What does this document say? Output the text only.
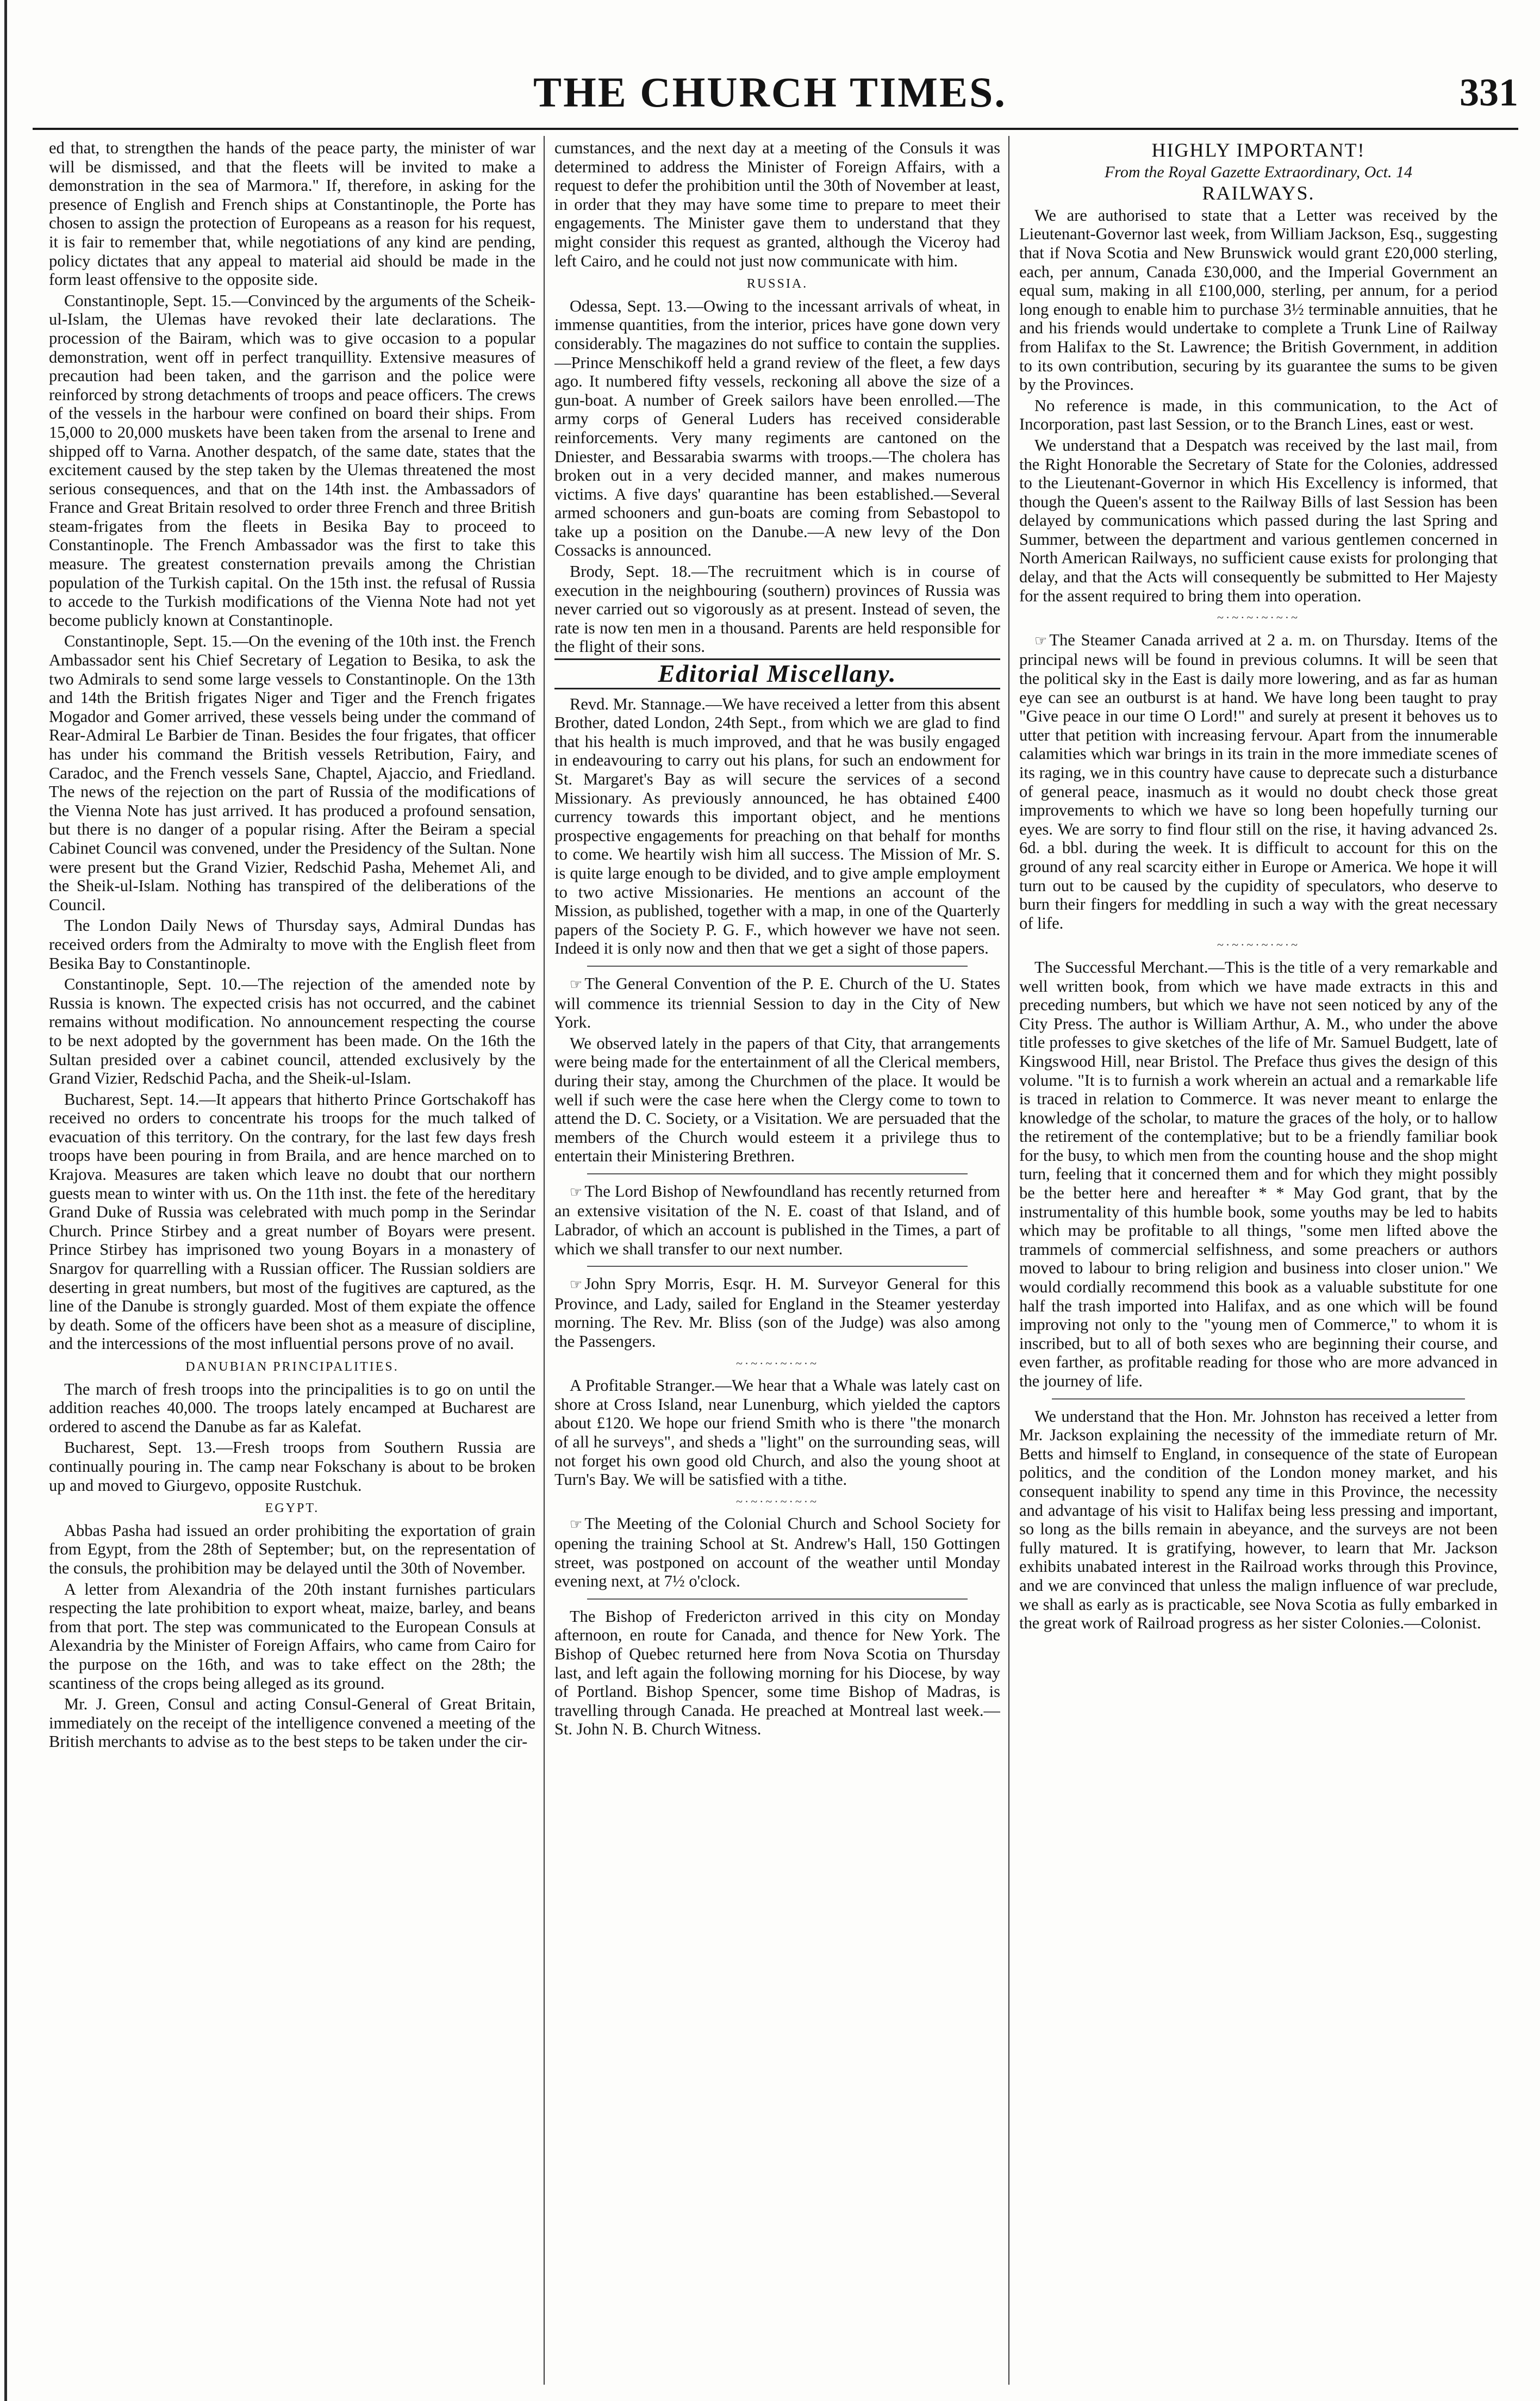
THE CHURCH TIMES.	331

ed that, to strengthen the hands of the peace party, the minister of war will be dismissed, and that the fleets will be invited to make a demonstration in the sea of Marmora." If, therefore, in asking for the presence of English and French ships at Constantinople, the Porte has chosen to assign the protection of Europeans as a reason for his request, it is fair to remember that, while negotiations of any kind are pending, policy dictates that any appeal to material aid should be made in the form least offensive to the opposite side.

Constantinople, Sept. 15.—Convinced by the arguments of the Scheik-ul-Islam, the Ulemas have revoked their late declarations. The procession of the Bairam, which was to give occasion to a popular demonstration, went off in perfect tranquillity. Extensive measures of precaution had been taken, and the garrison and the police were reinforced by strong detachments of troops and peace officers. The crews of the vessels in the harbour were confined on board their ships. From 15,000 to 20,000 muskets have been taken from the arsenal to Irene and shipped off to Varna. Another despatch, of the same date, states that the excitement caused by the step taken by the Ulemas threatened the most serious consequences, and that on the 14th inst. the Ambassadors of France and Great Britain resolved to order three French and three British steam-frigates from the fleets in Besika Bay to proceed to Constantinople. The French Ambassador was the first to take this measure. The greatest consternation prevails among the Christian population of the Turkish capital. On the 15th inst. the refusal of Russia to accede to the Turkish modifications of the Vienna Note had not yet become publicly known at Constantinople.

Constantinople, Sept. 15.—On the evening of the 10th inst. the French Ambassador sent his Chief Secretary of Legation to Besika, to ask the two Admirals to send some large vessels to Constantinople. On the 13th and 14th the British frigates Niger and Tiger and the French frigates Mogador and Gomer arrived, these vessels being under the command of Rear-Admiral Le Barbier de Tinan. Besides the four frigates, that officer has under his command the British vessels Retribution, Fairy, and Caradoc, and the French vessels Sane, Chaptel, Ajaccio, and Friedland. The news of the rejection on the part of Russia of the modifications of the Vienna Note has just arrived. It has produced a profound sensation, but there is no danger of a popular rising. After the Beiram a special Cabinet Council was convened, under the Presidency of the Sultan. None were present but the Grand Vizier, Redschid Pasha, Mehemet Ali, and the Sheik-ul-Islam. Nothing has transpired of the deliberations of the Council.

The London Daily News of Thursday says, Admiral Dundas has received orders from the Admiralty to move with the English fleet from Besika Bay to Constantinople.

Constantinople, Sept. 10.—The rejection of the amended note by Russia is known. The expected crisis has not occurred, and the cabinet remains without modification. No announcement respecting the course to be next adopted by the government has been made. On the 16th the Sultan presided over a cabinet council, attended exclusively by the Grand Vizier, Redschid Pacha, and the Sheik-ul-Islam.

Bucharest, Sept. 14.—It appears that hitherto Prince Gortschakoff has received no orders to concentrate his troops for the much talked of evacuation of this territory. On the contrary, for the last few days fresh troops have been pouring in from Braila, and are hence marched on to Krajova. Measures are taken which leave no doubt that our northern guests mean to winter with us. On the 11th inst. the fete of the hereditary Grand Duke of Russia was celebrated with much pomp in the Serindar Church. Prince Stirbey and a great number of Boyars were present. Prince Stirbey has imprisoned two young Boyars in a monastery of Snargov for quarrelling with a Russian officer. The Russian soldiers are deserting in great numbers, but most of the fugitives are captured, as the line of the Danube is strongly guarded. Most of them expiate the offence by death. Some of the officers have been shot as a measure of discipline, and the intercessions of the most influential persons prove of no avail.

DANUBIAN PRINCIPALITIES.

The march of fresh troops into the principalities is to go on until the addition reaches 40,000. The troops lately encamped at Bucharest are ordered to ascend the Danube as far as Kalefat.

Bucharest, Sept. 13.—Fresh troops from Southern Russia are continually pouring in. The camp near Fokschany is about to be broken up and moved to Giurgevo, opposite Rustchuk.

EGYPT.

Abbas Pasha had issued an order prohibiting the exportation of grain from Egypt, from the 28th of September; but, on the representation of the consuls, the prohibition may be delayed until the 30th of November.

A letter from Alexandria of the 20th instant furnishes particulars respecting the late prohibition to export wheat, maize, barley, and beans from that port. The step was communicated to the European Consuls at Alexandria by the Minister of Foreign Affairs, who came from Cairo for the purpose on the 16th, and was to take effect on the 28th; the scantiness of the crops being alleged as its ground.

Mr. J. Green, Consul and acting Consul-General of Great Britain, immediately on the receipt of the intelligence convened a meeting of the British merchants to advise as to the best steps to be taken under the cir-

cumstances, and the next day at a meeting of the Consuls it was determined to address the Minister of Foreign Affairs, with a request to defer the prohibition until the 30th of November at least, in order that they may have some time to prepare to meet their engagements. The Minister gave them to understand that they might consider this request as granted, although the Viceroy had left Cairo, and he could not just now communicate with him.

RUSSIA.

Odessa, Sept. 13.—Owing to the incessant arrivals of wheat, in immense quantities, from the interior, prices have gone down very considerably. The magazines do not suffice to contain the supplies.—Prince Menschikoff held a grand review of the fleet, a few days ago. It numbered fifty vessels, reckoning all above the size of a gun-boat. A number of Greek sailors have been enrolled.—The army corps of General Luders has received considerable reinforcements. Very many regiments are cantoned on the Dniester, and Bessarabia swarms with troops.—The cholera has broken out in a very decided manner, and makes numerous victims. A five days' quarantine has been established.—Several armed schooners and gun-boats are coming from Sebastopol to take up a position on the Danube.—A new levy of the Don Cossacks is announced.

Brody, Sept. 18.—The recruitment which is in course of execution in the neighbouring (southern) provinces of Russia was never carried out so vigorously as at present. Instead of seven, the rate is now ten men in a thousand. Parents are held responsible for the flight of their sons.

Editorial Miscellany.

Revd. Mr. Stannage.—We have received a letter from this absent Brother, dated London, 24th Sept., from which we are glad to find that his health is much improved, and that he was busily engaged in endeavouring to carry out his plans, for such an endowment for St. Margaret's Bay as will secure the services of a second Missionary. As previously announced, he has obtained £400 currency towards this important object, and he mentions prospective engagements for preaching on that behalf for months to come. We heartily wish him all success. The Mission of Mr. S. is quite large enough to be divided, and to give ample employment to two active Missionaries. He mentions an account of the Mission, as published, together with a map, in one of the Quarterly papers of the Society P. G. F., which however we have not seen. Indeed it is only now and then that we get a sight of those papers.

☞ The General Convention of the P. E. Church of the U. States will commence its triennial Session to day in the City of New York.

We observed lately in the papers of that City, that arrangements were being made for the entertainment of all the Clerical members, during their stay, among the Churchmen of the place. It would be well if such were the case here when the Clergy come to town to attend the D. C. Society, or a Visitation. We are persuaded that the members of the Church would esteem it a privilege thus to entertain their Ministering Brethren.

☞ The Lord Bishop of Newfoundland has recently returned from an extensive visitation of the N. E. coast of that Island, and of Labrador, of which an account is published in the Times, a part of which we shall transfer to our next number.

☞ John Spry Morris, Esqr. H. M. Surveyor General for this Province, and Lady, sailed for England in the Steamer yesterday morning. The Rev. Mr. Bliss (son of the Judge) was also among the Passengers.

~·~·~·~·~·~

A Profitable Stranger.—We hear that a Whale was lately cast on shore at Cross Island, near Lunenburg, which yielded the captors about £120. We hope our friend Smith who is there "the monarch of all he surveys", and sheds a "light" on the surrounding seas, will not forget his own good old Church, and also the young shoot at Turn's Bay. We will be satisfied with a tithe.

~·~·~·~·~·~

☞ The Meeting of the Colonial Church and School Society for opening the training School at St. Andrew's Hall, 150 Gottingen street, was postponed on account of the weather until Monday evening next, at 7½ o'clock.

The Bishop of Fredericton arrived in this city on Monday afternoon, en route for Canada, and thence for New York. The Bishop of Quebec returned here from Nova Scotia on Thursday last, and left again the following morning for his Diocese, by way of Portland. Bishop Spencer, some time Bishop of Madras, is travelling through Canada. He preached at Montreal last week.—St. John N. B. Church Witness.

HIGHLY IMPORTANT!
From the Royal Gazette Extraordinary, Oct. 14
RAILWAYS.

We are authorised to state that a Letter was received by the Lieutenant-Governor last week, from William Jackson, Esq., suggesting that if Nova Scotia and New Brunswick would grant £20,000 sterling, each, per annum, Canada £30,000, and the Imperial Government an equal sum, making in all £100,000, sterling, per annum, for a period long enough to enable him to purchase 3½ terminable annuities, that he and his friends would undertake to complete a Trunk Line of Railway from Halifax to the St. Lawrence; the British Government, in addition to its own contribution, securing by its guarantee the sums to be given by the Provinces.

No reference is made, in this communication, to the Act of Incorporation, past last Session, or to the Branch Lines, east or west.

We understand that a Despatch was received by the last mail, from the Right Honorable the Secretary of State for the Colonies, addressed to the Lieutenant-Governor in which His Excellency is informed, that though the Queen's assent to the Railway Bills of last Session has been delayed by communications which passed during the last Spring and Summer, between the department and various gentlemen concerned in North American Railways, no sufficient cause exists for prolonging that delay, and that the Acts will consequently be submitted to Her Majesty for the assent required to bring them into operation.

~·~·~·~·~·~

☞ The Steamer Canada arrived at 2 a. m. on Thursday. Items of the principal news will be found in previous columns. It will be seen that the political sky in the East is daily more lowering, and as far as human eye can see an outburst is at hand. We have long been taught to pray "Give peace in our time O Lord!" and surely at present it behoves us to utter that petition with increasing fervour. Apart from the innumerable calamities which war brings in its train in the more immediate scenes of its raging, we in this country have cause to deprecate such a disturbance of general peace, inasmuch as it would no doubt check those great improvements to which we have so long been hopefully turning our eyes. We are sorry to find flour still on the rise, it having advanced 2s. 6d. a bbl. during the week. It is difficult to account for this on the ground of any real scarcity either in Europe or America. We hope it will turn out to be caused by the cupidity of speculators, who deserve to burn their fingers for meddling in such a way with the great necessary of life.

~·~·~·~·~·~

The Successful Merchant.—This is the title of a very remarkable and well written book, from which we have made extracts in this and preceding numbers, but which we have not seen noticed by any of the City Press. The author is William Arthur, A. M., who under the above title professes to give sketches of the life of Mr. Samuel Budgett, late of Kingswood Hill, near Bristol. The Preface thus gives the design of this volume. "It is to furnish a work wherein an actual and a remarkable life is traced in relation to Commerce. It was never meant to enlarge the knowledge of the scholar, to mature the graces of the holy, or to hallow the retirement of the contemplative; but to be a friendly familiar book for the busy, to which men from the counting house and the shop might turn, feeling that it concerned them and for which they might possibly be the better here and hereafter * * May God grant, that by the instrumentality of this humble book, some youths may be led to habits which may be profitable to all things, "some men lifted above the trammels of commercial selfishness, and some preachers or authors moved to labour to bring religion and business into closer union." We would cordially recommend this book as a valuable substitute for one half the trash imported into Halifax, and as one which will be found improving not only to the "young men of Commerce," to whom it is inscribed, but to all of both sexes who are beginning their course, and even farther, as profitable reading for those who are more advanced in the journey of life.

We understand that the Hon. Mr. Johnston has received a letter from Mr. Jackson explaining the necessity of the immediate return of Mr. Betts and himself to England, in consequence of the state of European politics, and the condition of the London money market, and his consequent inability to spend any time in this Province, the necessity and advantage of his visit to Halifax being less pressing and important, so long as the bills remain in abeyance, and the surveys are not been fully matured. It is gratifying, however, to learn that Mr. Jackson exhibits unabated interest in the Railroad works through this Province, and we are convinced that unless the malign influence of war preclude, we shall as early as is practicable, see Nova Scotia as fully embarked in the great work of Railroad progress as her sister Colonies.—Colonist.
